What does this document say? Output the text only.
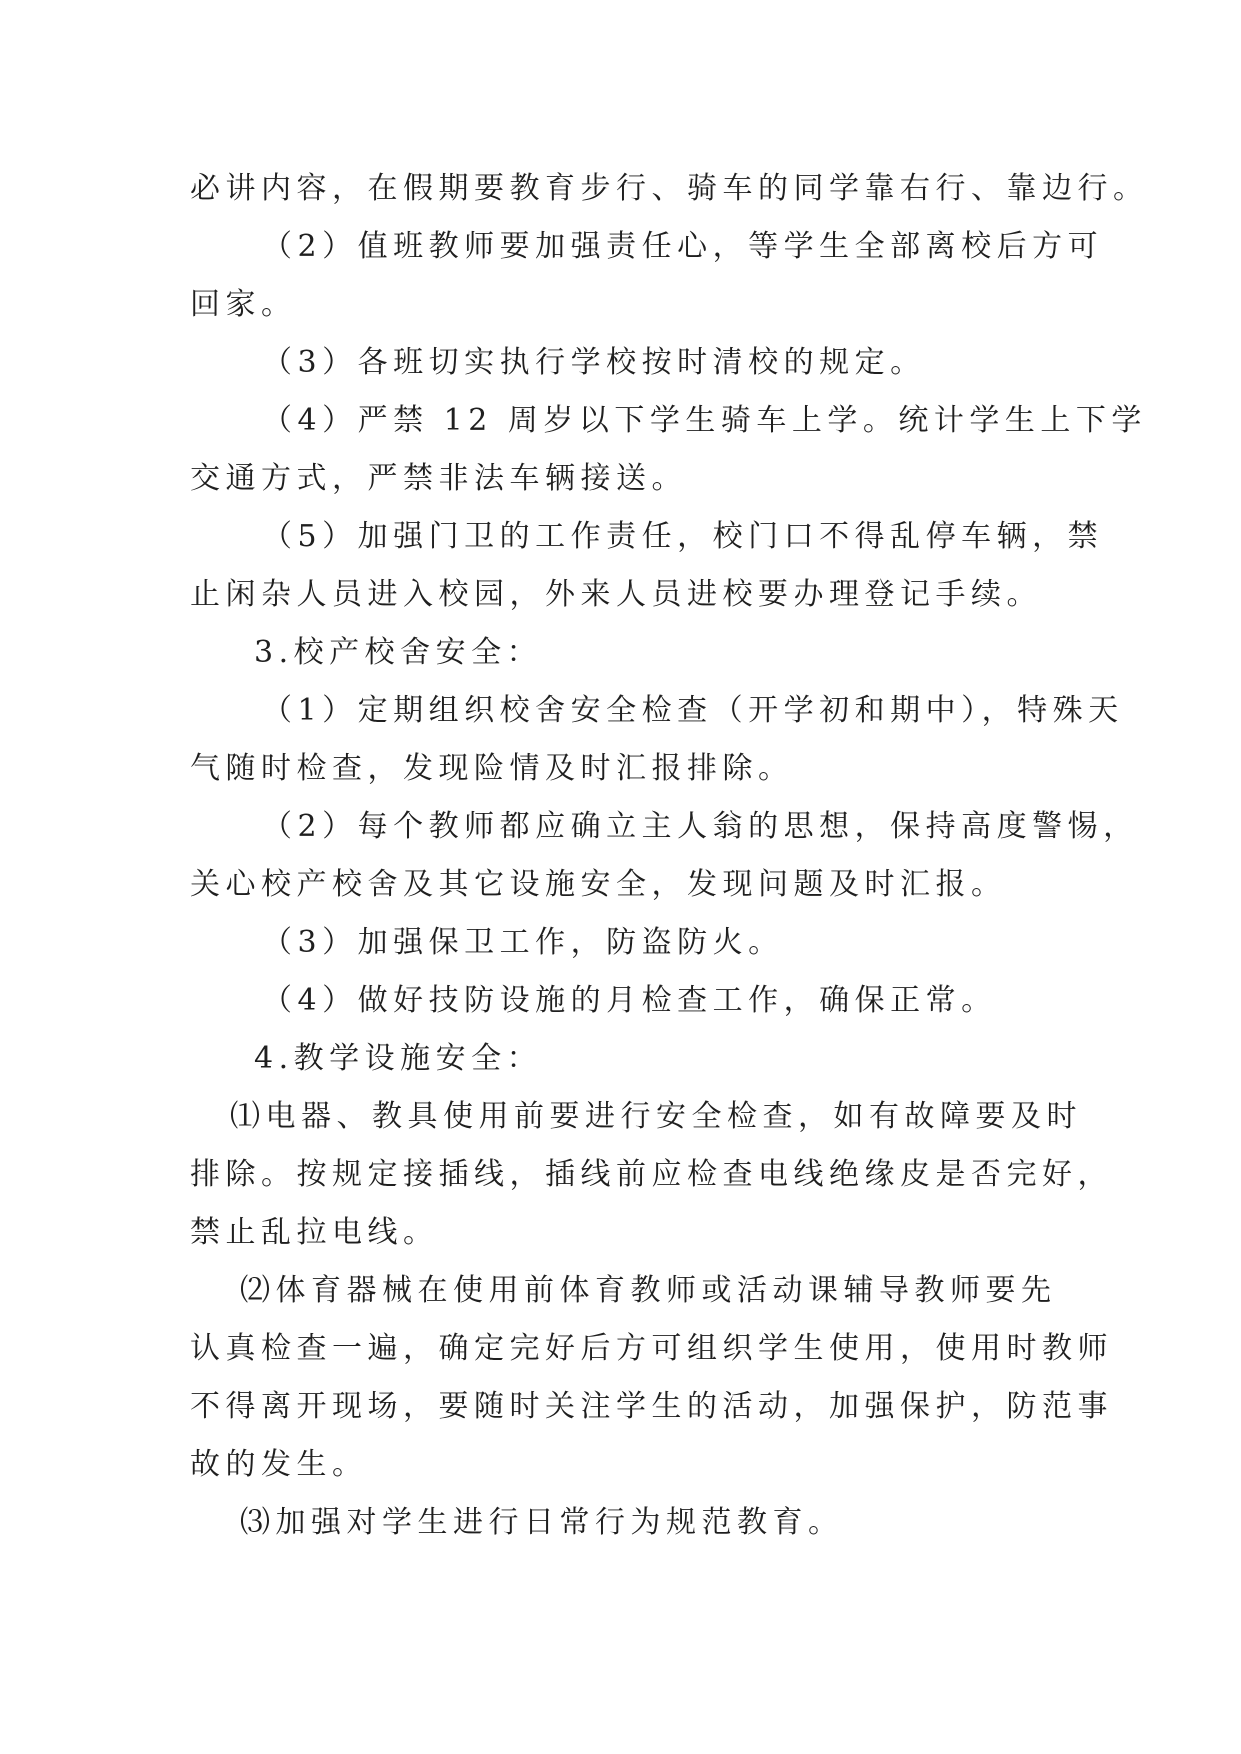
必讲内容，在假期要教育步行、骑车的同学靠右行、靠边行。
（2）值班教师要加强责任心，等学生全部离校后方可
回家。
（3）各班切实执行学校按时清校的规定。
（4）严禁 12 周岁以下学生骑车上学。统计学生上下学
交通方式，严禁非法车辆接送。
（5）加强门卫的工作责任，校门口不得乱停车辆，禁
止闲杂人员进入校园，外来人员进校要办理登记手续。
3.校产校舍安全：
（1）定期组织校舍安全检查（开学初和期中），特殊天
气随时检查，发现险情及时汇报排除。
（2）每个教师都应确立主人翁的思想，保持高度警惕，
关心校产校舍及其它设施安全，发现问题及时汇报。
（3）加强保卫工作，防盗防火。
（4）做好技防设施的月检查工作，确保正常。
4.教学设施安全：
⑴电器、教具使用前要进行安全检查，如有故障要及时
排除。按规定接插线，插线前应检查电线绝缘皮是否完好，
禁止乱拉电线。
⑵体育器械在使用前体育教师或活动课辅导教师要先
认真检查一遍，确定完好后方可组织学生使用，使用时教师
不得离开现场，要随时关注学生的活动，加强保护，防范事
故的发生。
⑶加强对学生进行日常行为规范教育。
